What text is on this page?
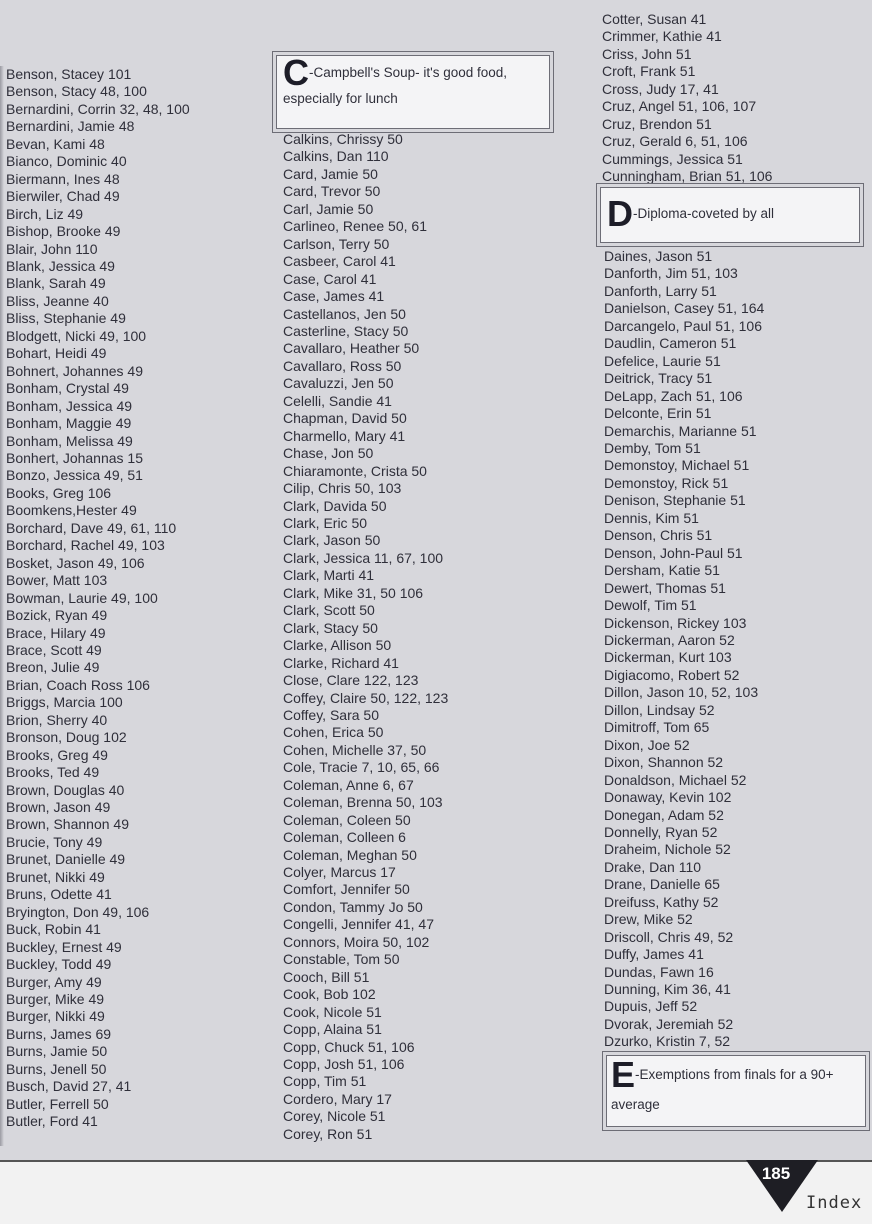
Benson, Stacey 101
Benson, Stacy 48, 100
Bernardini, Corrin 32, 48, 100
Bernardini, Jamie 48
Bevan, Kami 48
Bianco, Dominic 40
Biermann, Ines 48
Bierwiler, Chad 49
Birch, Liz 49
Bishop, Brooke 49
Blair, John 110
Blank, Jessica 49
Blank, Sarah 49
Bliss, Jeanne 40
Bliss, Stephanie 49
Blodgett, Nicki 49, 100
Bohart, Heidi 49
Bohnert, Johannes 49
Bonham, Crystal 49
Bonham, Jessica 49
Bonham, Maggie 49
Bonham, Melissa 49
Bonhert, Johannas 15
Bonzo, Jessica 49, 51
Books, Greg 106
Boomkens,Hester 49
Borchard, Dave 49, 61, 110
Borchard, Rachel 49, 103
Bosket, Jason 49, 106
Bower, Matt 103
Bowman, Laurie 49, 100
Bozick, Ryan 49
Brace, Hilary 49
Brace, Scott 49
Breon, Julie 49
Brian, Coach Ross 106
Briggs, Marcia 100
Brion, Sherry 40
Bronson, Doug 102
Brooks, Greg 49
Brooks, Ted 49
Brown, Douglas 40
Brown, Jason 49
Brown, Shannon 49
Brucie, Tony 49
Brunet, Danielle 49
Brunet, Nikki 49
Bruns, Odette 41
Bryington, Don 49, 106
Buck, Robin 41
Buckley, Ernest 49
Buckley, Todd 49
Burger, Amy 49
Burger, Mike 49
Burger, Nikki 49
Burns, James 69
Burns, Jamie 50
Burns, Jenell 50
Busch, David 27, 41
Butler, Ferrell 50
Butler, Ford 41
C-Campbell's Soup- it's good food, especially for lunch
Calkins, Chrissy 50
Calkins, Dan 110
Card, Jamie 50
Card, Trevor 50
Carl, Jamie 50
Carlineo, Renee 50, 61
Carlson, Terry 50
Casbeer, Carol 41
Case, Carol 41
Case, James 41
Castellanos, Jen 50
Casterline, Stacy 50
Cavallaro, Heather 50
Cavallaro, Ross 50
Cavaluzzi, Jen 50
Celelli, Sandie 41
Chapman, David 50
Charmello, Mary 41
Chase, Jon 50
Chiaramonte, Crista 50
Cilip, Chris 50, 103
Clark, Davida 50
Clark, Eric 50
Clark, Jason 50
Clark, Jessica 11, 67, 100
Clark, Marti 41
Clark, Mike 31, 50 106
Clark, Scott 50
Clark, Stacy 50
Clarke, Allison 50
Clarke, Richard 41
Close, Clare 122, 123
Coffey, Claire 50, 122, 123
Coffey, Sara 50
Cohen, Erica 50
Cohen, Michelle 37, 50
Cole, Tracie 7, 10, 65, 66
Coleman, Anne 6, 67
Coleman, Brenna 50, 103
Coleman, Coleen 50
Coleman, Colleen 6
Coleman, Meghan 50
Colyer, Marcus 17
Comfort, Jennifer 50
Condon, Tammy Jo 50
Congelli, Jennifer 41, 47
Connors, Moira 50, 102
Constable, Tom 50
Cooch, Bill 51
Cook, Bob 102
Cook, Nicole 51
Copp, Alaina 51
Copp, Chuck 51, 106
Copp, Josh 51, 106
Copp, Tim 51
Cordero, Mary 17
Corey, Nicole 51
Corey, Ron 51
Cotter, Susan 41
Crimmer, Kathie 41
Criss, John 51
Croft, Frank 51
Cross, Judy 17, 41
Cruz, Angel 51, 106, 107
Cruz, Brendon 51
Cruz, Gerald 6, 51, 106
Cummings, Jessica 51
Cunningham, Brian 51, 106
D-Diploma-coveted by all
Daines, Jason 51
Danforth, Jim 51, 103
Danforth, Larry 51
Danielson, Casey 51, 164
Darcangelo, Paul 51, 106
Daudlin, Cameron 51
Defelice, Laurie 51
Deitrick, Tracy 51
DeLapp, Zach 51, 106
Delconte, Erin 51
Demarchis, Marianne 51
Demby, Tom 51
Demonstoy, Michael 51
Demonstoy, Rick 51
Denison, Stephanie 51
Dennis, Kim 51
Denson, Chris 51
Denson, John-Paul 51
Dersham, Katie 51
Dewert, Thomas 51
Dewolf, Tim 51
Dickenson, Rickey 103
Dickerman, Aaron 52
Dickerman, Kurt 103
Digiacomo, Robert 52
Dillon, Jason 10, 52, 103
Dillon, Lindsay 52
Dimitroff, Tom 65
Dixon, Joe 52
Dixon, Shannon 52
Donaldson, Michael 52
Donaway, Kevin 102
Donegan, Adam 52
Donnelly, Ryan 52
Draheim, Nichole 52
Drake, Dan 110
Drane, Danielle 65
Dreifuss, Kathy 52
Drew, Mike 52
Driscoll, Chris 49, 52
Duffy, James 41
Dundas, Fawn 16
Dunning, Kim 36, 41
Dupuis, Jeff 52
Dvorak, Jeremiah 52
Dzurko, Kristin 7, 52
E-Exemptions from finals for a 90+ average
185
Index
